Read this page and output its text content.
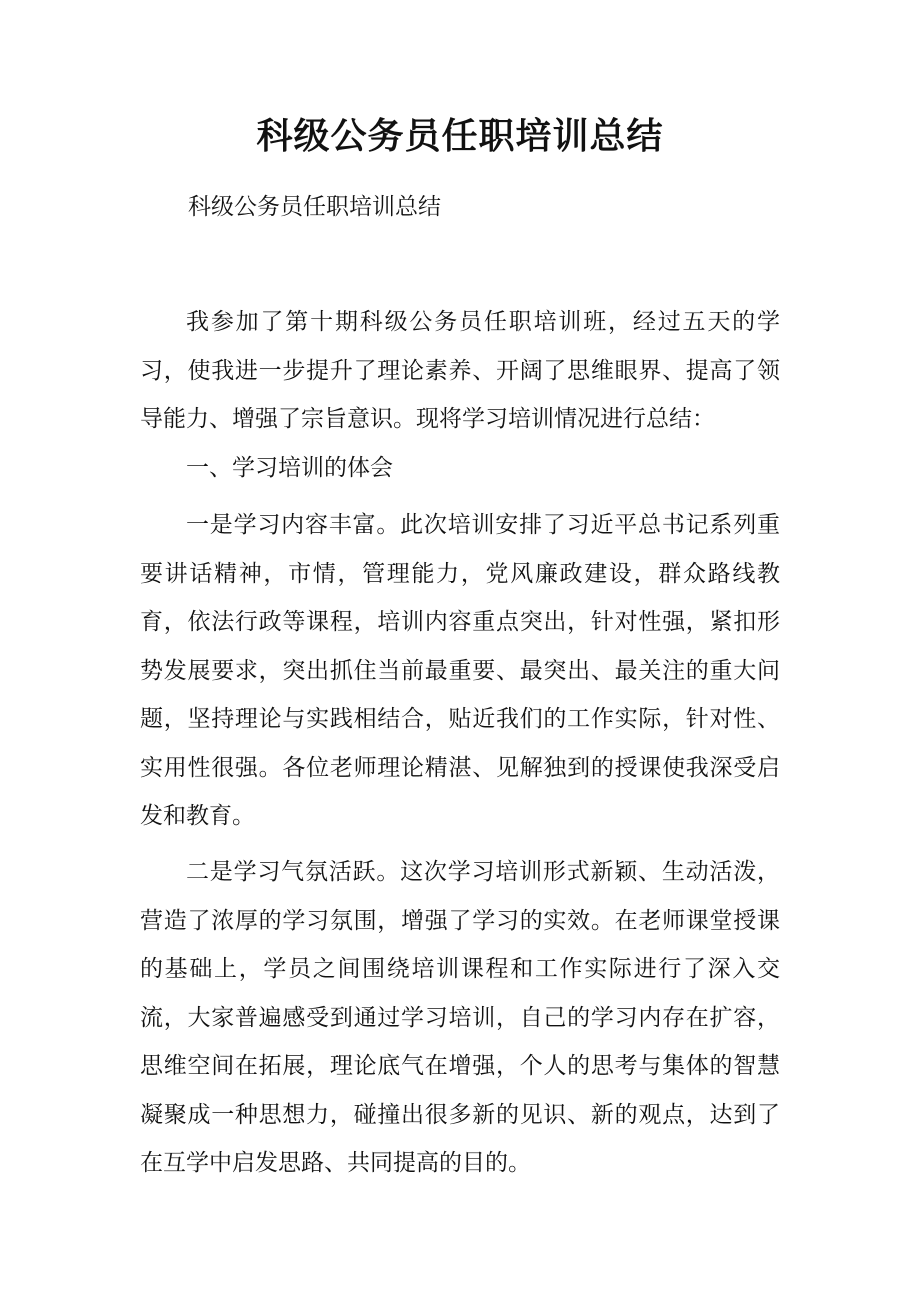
科级公务员任职培训总结
科级公务员任职培训总结

我参加了第十期科级公务员任职培训班，经过五天的学习，使我进一步提升了理论素养、开阔了思维眼界、提高了领导能力、增强了宗旨意识。现将学习培训情况进行总结：

一、学习培训的体会

一是学习内容丰富。此次培训安排了习近平总书记系列重要讲话精神，市情，管理能力，党风廉政建设，群众路线教育，依法行政等课程，培训内容重点突出，针对性强，紧扣形势发展要求，突出抓住当前最重要、最突出、最关注的重大问题，坚持理论与实践相结合，贴近我们的工作实际，针对性、实用性很强。各位老师理论精湛、见解独到的授课使我深受启发和教育。

二是学习气氛活跃。这次学习培训形式新颖、生动活泼，营造了浓厚的学习氛围，增强了学习的实效。在老师课堂授课的基础上，学员之间围绕培训课程和工作实际进行了深入交流，大家普遍感受到通过学习培训，自己的学习内存在扩容，思维空间在拓展，理论底气在增强，个人的思考与集体的智慧凝聚成一种思想力，碰撞出很多新的见识、新的观点，达到了在互学中启发思路、共同提高的目的。
